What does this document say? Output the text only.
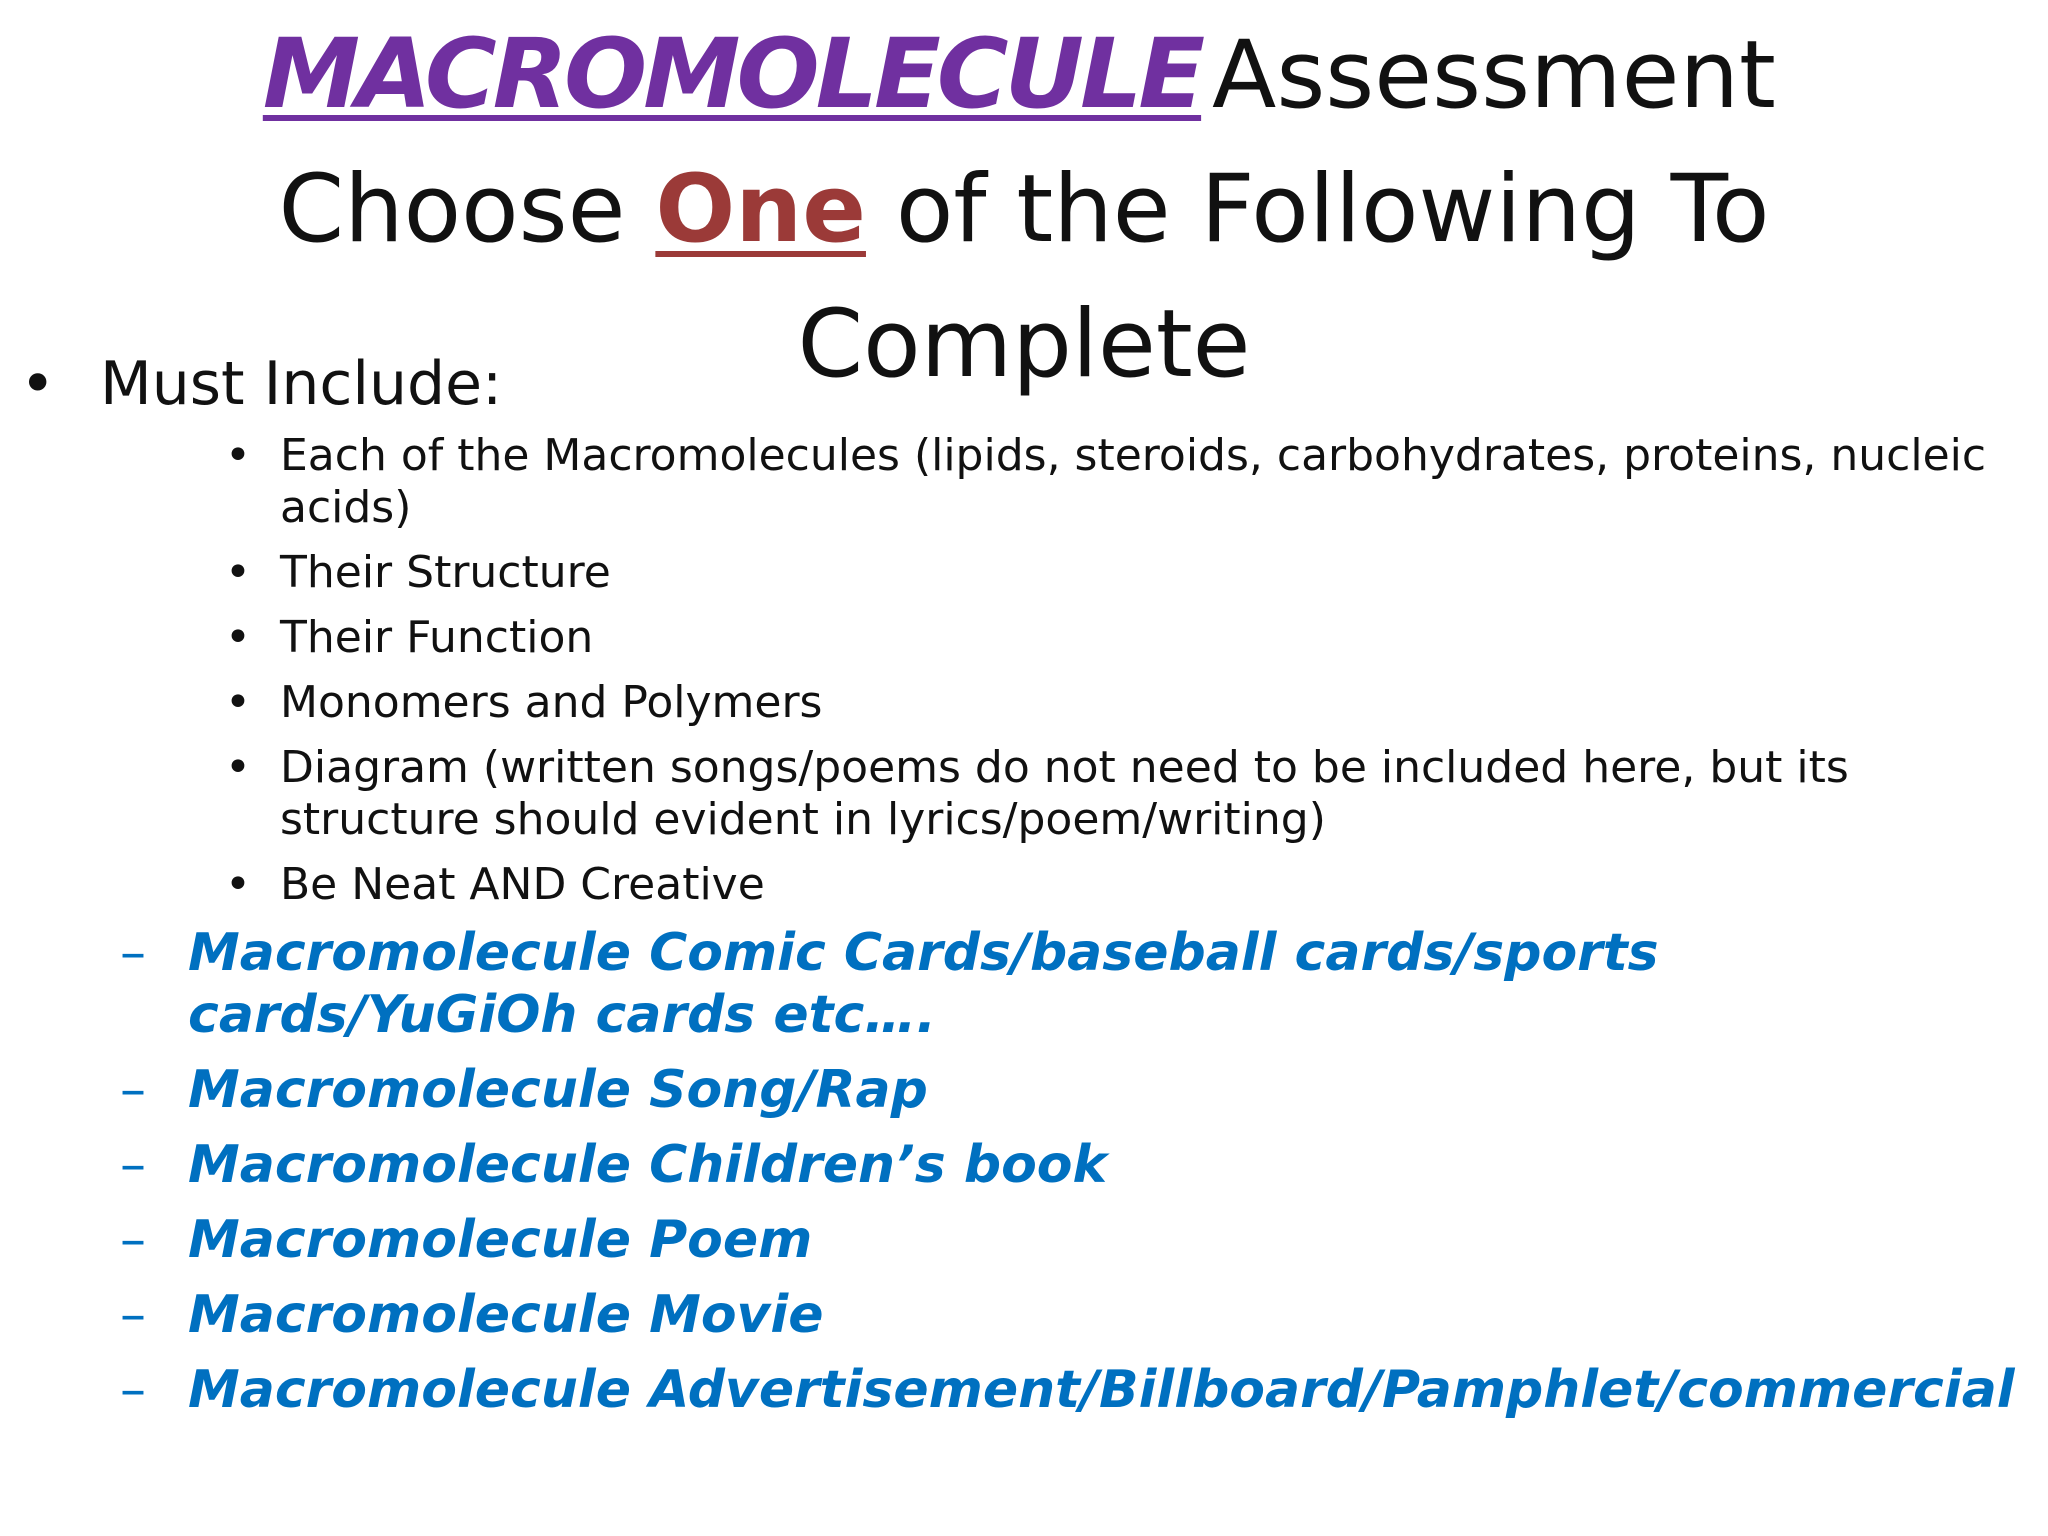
MACROMOLECULE Assessment
Choose One of the Following To
Complete
• Must Include:
• Each of the Macromolecules (lipids, steroids, carbohydrates, proteins, nucleic acids)
• Their Structure
• Their Function
• Monomers and Polymers
• Diagram (written songs/poems do not need to be included here, but its structure should evident in lyrics/poem/writing)
• Be Neat AND Creative
– Macromolecule Comic Cards/baseball cards/sports cards/YuGiOh cards etc….
– Macromolecule Song/Rap
– Macromolecule Children’s book
– Macromolecule Poem
– Macromolecule Movie
– Macromolecule Advertisement/Billboard/Pamphlet/commercial
